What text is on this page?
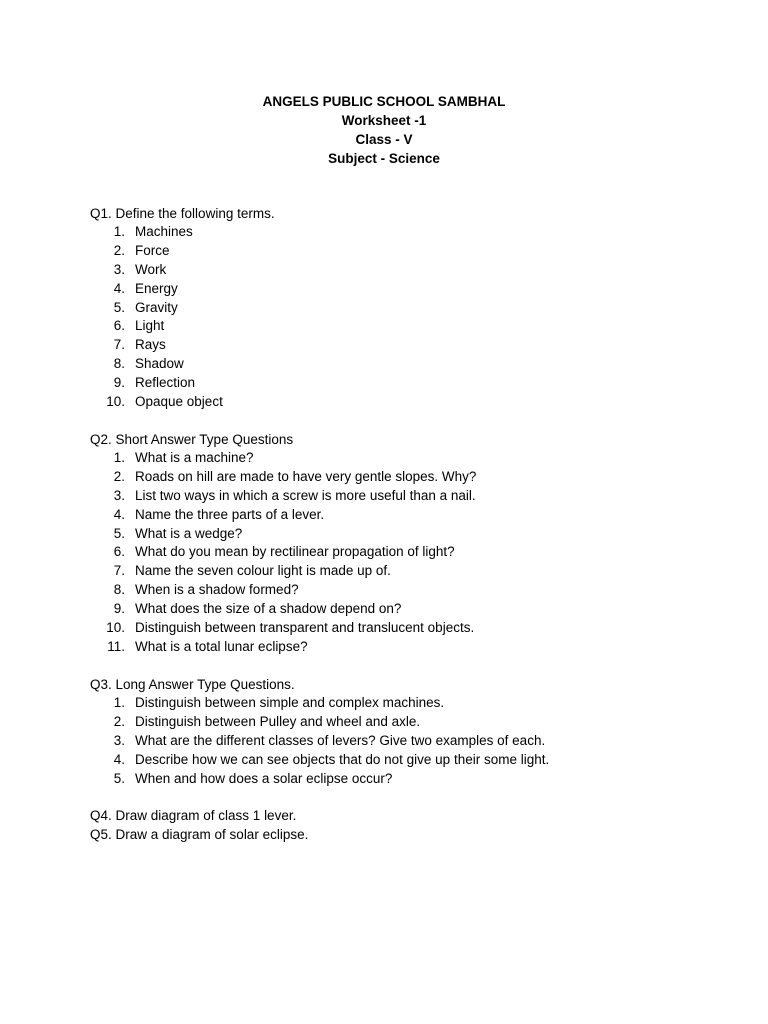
ANGELS PUBLIC SCHOOL SAMBHAL
Worksheet -1
Class - V
Subject - Science
Q1. Define the following terms.
1. Machines
2. Force
3. Work
4. Energy
5. Gravity
6. Light
7. Rays
8. Shadow
9. Reflection
10. Opaque object
Q2. Short Answer Type Questions
1. What is a machine?
2. Roads on hill are made to have very gentle slopes. Why?
3. List two ways in which a screw is more useful than a nail.
4. Name the three parts of a lever.
5. What is a wedge?
6. What do you mean by rectilinear propagation of light?
7. Name the seven colour light is made up of.
8. When is a shadow formed?
9. What does the size of a shadow depend on?
10. Distinguish between transparent and translucent objects.
11. What is a total lunar eclipse?
Q3. Long Answer Type Questions.
1. Distinguish between simple and complex machines.
2. Distinguish between Pulley and wheel and axle.
3. What are the different classes of levers? Give two examples of each.
4. Describe how we can see objects that do not give up their some light.
5. When and how does a solar eclipse occur?
Q4. Draw diagram of class 1 lever.
Q5. Draw a diagram of solar eclipse.
